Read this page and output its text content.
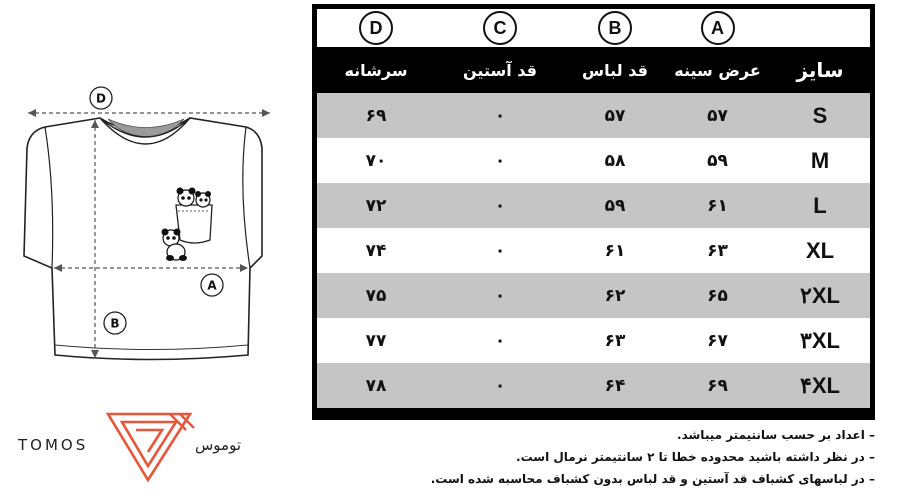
D
A
B
TOMOS	توموس
A
B
C
D
سایز
عرض سینه
قد لباس
قد آستین
سرشانه
S
۵۷
۵۷
۰
۶۹
M
۵۹
۵۸
۰
۷۰
L
۶۱
۵۹
۰
۷۲
XL
۶۳
۶۱
۰
۷۴
۲XL
۶۵
۶۲
۰
۷۵
۳XL
۶۷
۶۳
۰
۷۷
۴XL
۶۹
۶۴
۰
۷۸
– اعداد بر حسب سانتیمتر میباشد.
– در نظر داشته باشید محدوده خطا تا ۲ سانتیمتر نرمال است.
– در لباسهای کشباف قد آستین و قد لباس بدون کشباف محاسبه شده است.
